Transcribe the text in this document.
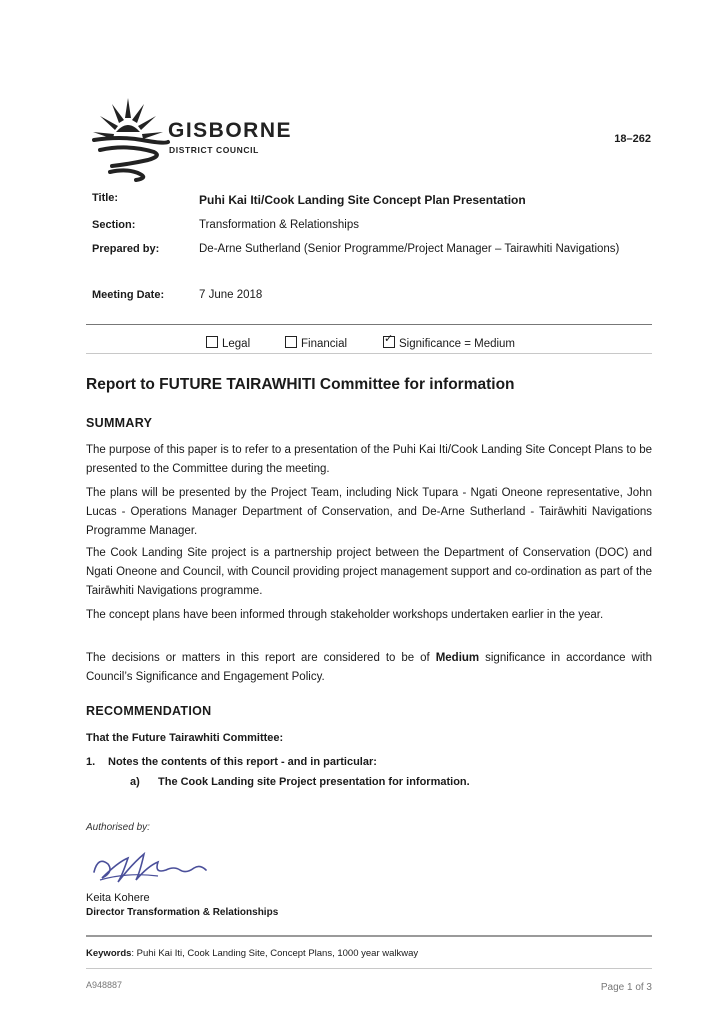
GISBORNE
DISTRICT COUNCIL
18–262
Title:	Puhi Kai Iti/Cook Landing Site Concept Plan Presentation
Section:	Transformation & Relationships
Prepared by:	De-Arne Sutherland (Senior Programme/Project Manager – Tairawhiti Navigations)
Meeting Date:	7 June 2018
Legal	Financial	✓ Significance = Medium
Report to FUTURE TAIRAWHITI Committee for information
SUMMARY
The purpose of this paper is to refer to a presentation of the Puhi Kai Iti/Cook Landing Site Concept Plans to be presented to the Committee during the meeting.
The plans will be presented by the Project Team, including Nick Tupara - Ngati Oneone representative, John Lucas - Operations Manager Department of Conservation, and De-Arne Sutherland - Tairāwhiti Navigations Programme Manager.
The Cook Landing Site project is a partnership project between the Department of Conservation (DOC) and Ngati Oneone and Council, with Council providing project management support and co-ordination as part of the Tairāwhiti Navigations programme.
The concept plans have been informed through stakeholder workshops undertaken earlier in the year.
The decisions or matters in this report are considered to be of Medium significance in accordance with Council’s Significance and Engagement Policy.
RECOMMENDATION
That the Future Tairawhiti Committee:
1. Notes the contents of this report - and in particular:
a) The Cook Landing site Project presentation for information.
Authorised by:
Keita Kohere
Director Transformation & Relationships
Keywords: Puhi Kai Iti, Cook Landing Site, Concept Plans, 1000 year walkway
A948887	Page 1 of 3
